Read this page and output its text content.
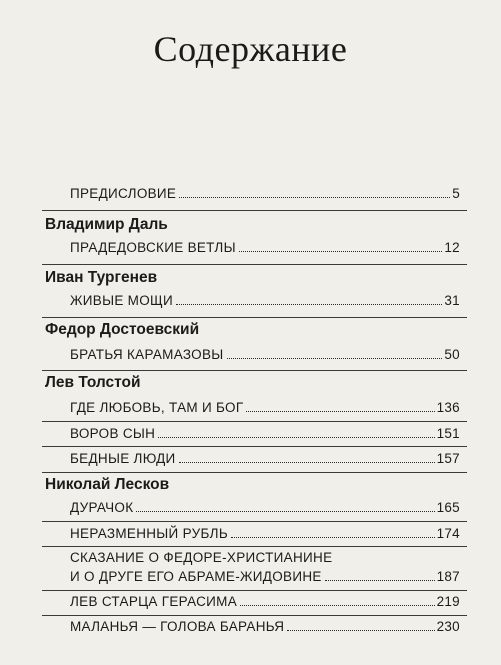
Содержание
ПРЕДИСЛОВИЕ	5
Владимир Даль
ПРАДЕДОВСКИЕ ВЕТЛЫ	12
Иван Тургенев
ЖИВЫЕ МОЩИ	31
Федор Достоевский
БРАТЬЯ КАРАМАЗОВЫ	50
Лев Толстой
ГДЕ ЛЮБОВЬ, ТАМ И БОГ	136
ВОРОВ СЫН	151
БЕДНЫЕ ЛЮДИ	157
Николай Лесков
ДУРАЧОК	165
НЕРАЗМЕННЫЙ РУБЛЬ	174
СКАЗАНИЕ О ФЕДОРЕ-ХРИСТИАНИНЕ
И О ДРУГЕ ЕГО АБРАМЕ-ЖИДОВИНЕ	187
ЛЕВ СТАРЦА ГЕРАСИМА	219
МАЛАНЬЯ — ГОЛОВА БАРАНЬЯ	230
